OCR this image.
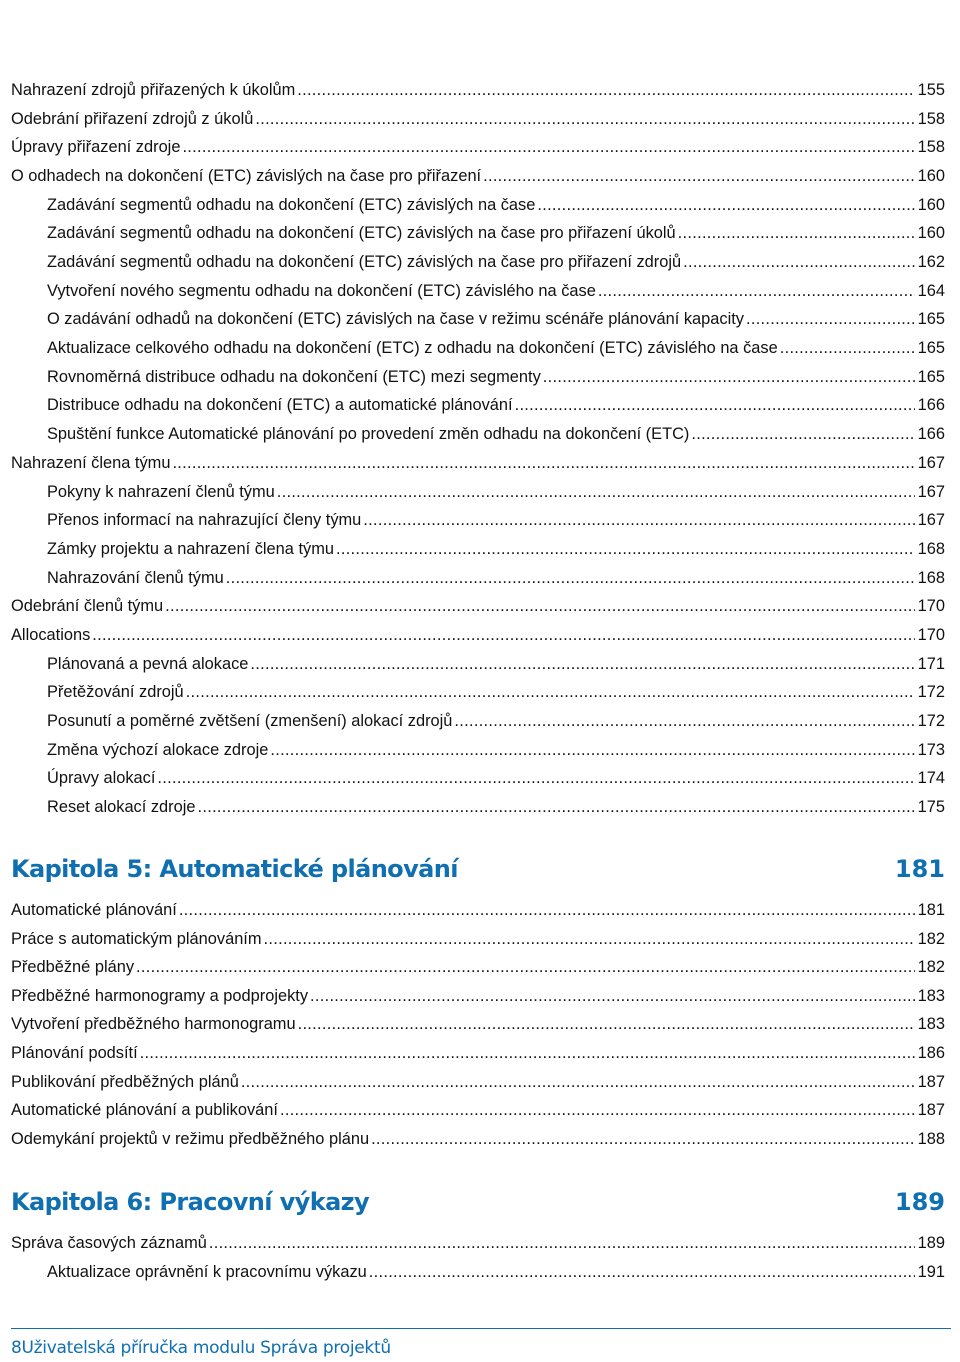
Nahrazení zdrojů přiřazených k úkolům .....	155
Odebrání přiřazení zdrojů z úkolů .....	158
Úpravy přiřazení zdroje .....	158
O odhadech na dokončení (ETC) závislých na čase pro přiřazení .....	160
Zadávání segmentů odhadu na dokončení (ETC) závislých na čase .....	160
Zadávání segmentů odhadu na dokončení (ETC) závislých na čase pro přiřazení úkolů .....	160
Zadávání segmentů odhadu na dokončení (ETC) závislých na čase pro přiřazení zdrojů .....	162
Vytvoření nového segmentu odhadu na dokončení (ETC) závislého na čase .....	164
O zadávání odhadů na dokončení (ETC) závislých na čase v režimu scénáře plánování kapacity .....	165
Aktualizace celkového odhadu na dokončení (ETC) z odhadu na dokončení (ETC) závislého na čase .....	165
Rovnoměrná distribuce odhadu na dokončení (ETC) mezi segmenty .....	165
Distribuce odhadu na dokončení (ETC) a automatické plánování .....	166
Spuštění funkce Automatické plánování po provedení změn odhadu na dokončení (ETC) .....	166
Nahrazení člena týmu .....	167
Pokyny k nahrazení členů týmu .....	167
Přenos informací na nahrazující členy týmu .....	167
Zámky projektu a nahrazení člena týmu .....	168
Nahrazování členů týmu .....	168
Odebrání členů týmu .....	170
Allocations .....	170
Plánovaná a pevná alokace .....	171
Přetěžování zdrojů .....	172
Posunutí a poměrné zvětšení (zmenšení) alokací zdrojů .....	172
Změna výchozí alokace zdroje .....	173
Úpravy alokací .....	174
Reset alokací zdroje .....	175
Kapitola 5: Automatické plánování	181
Automatické plánování .....	181
Práce s automatickým plánováním .....	182
Předběžné plány .....	182
Předběžné harmonogramy a podprojekty .....	183
Vytvoření předběžného harmonogramu .....	183
Plánování podsítí .....	186
Publikování předběžných plánů .....	187
Automatické plánování a publikování .....	187
Odemykání projektů v režimu předběžného plánu .....	188
Kapitola 6: Pracovní výkazy	189
Správa časových záznamů .....	189
Aktualizace oprávnění k pracovnímu výkazu .....	191
8Uživatelská příručka modulu Správa projektů
